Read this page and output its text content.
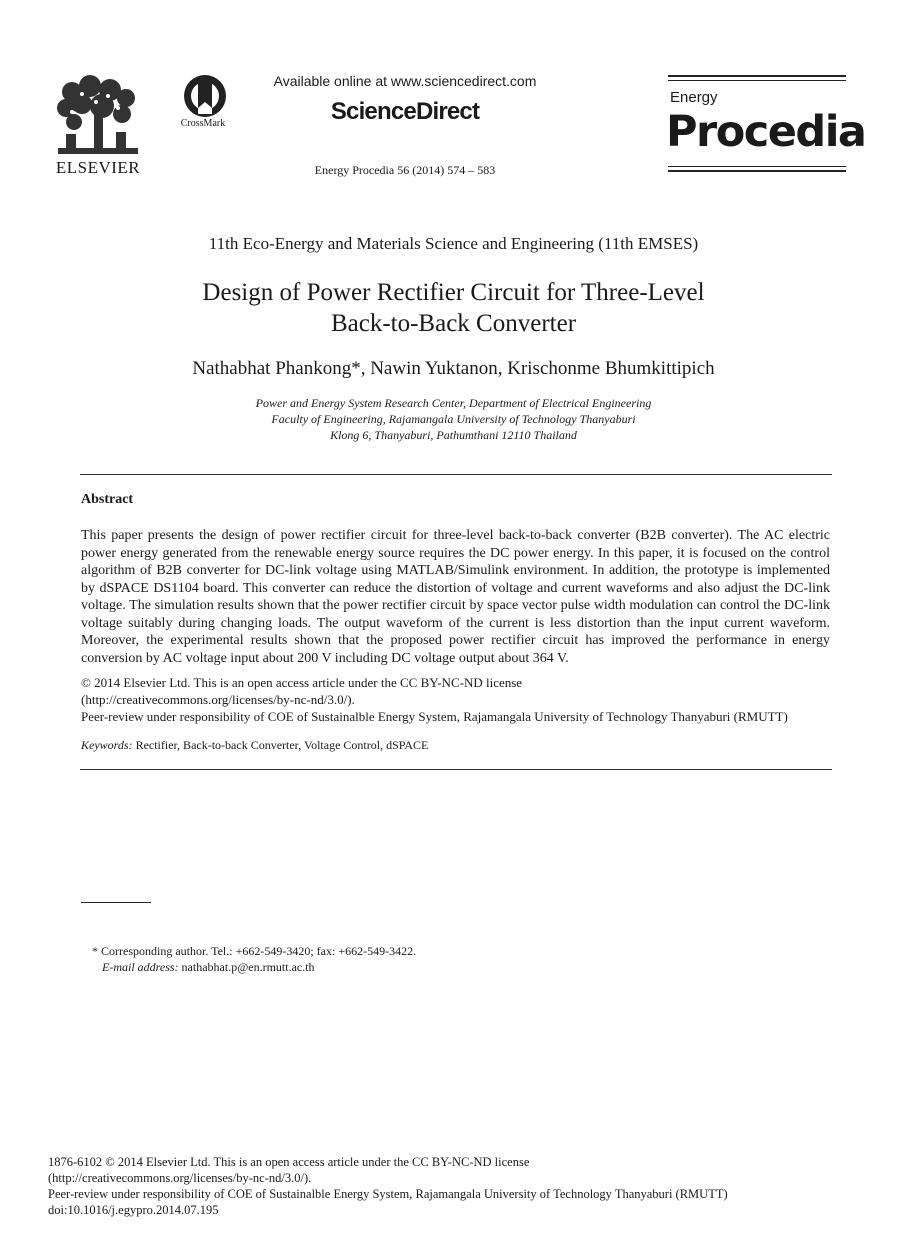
ELSEVIER
CrossMark
Available online at www.sciencedirect.com
ScienceDirect
Energy Procedia 56 (2014) 574 – 583
Energy
Procedia
11th Eco-Energy and Materials Science and Engineering (11th EMSES)
Design of Power Rectifier Circuit for Three-Level
Back-to-Back Converter
Nathabhat Phankong*, Nawin Yuktanon, Krischonme Bhumkittipich
Power and Energy System Research Center, Department of Electrical Engineering
Faculty of Engineering, Rajamangala University of Technology Thanyaburi
Klong 6, Thanyaburi, Pathumthani 12110 Thailand
Abstract
This paper presents the design of power rectifier circuit for three-level back-to-back converter (B2B converter). The AC electric power energy generated from the renewable energy source requires the DC power energy. In this paper, it is focused on the control algorithm of B2B converter for DC-link voltage using MATLAB/Simulink environment. In addition, the prototype is implemented by dSPACE DS1104 board. This converter can reduce the distortion of voltage and current waveforms and also adjust the DC-link voltage. The simulation results shown that the power rectifier circuit by space vector pulse width modulation can control the DC-link voltage suitably during changing loads. The output waveform of the current is less distortion than the input current waveform. Moreover, the experimental results shown that the proposed power rectifier circuit has improved the performance in energy conversion by AC voltage input about 200 V including DC voltage output about 364 V.
© 2014 Elsevier Ltd. This is an open access article under the CC BY-NC-ND license
(http://creativecommons.org/licenses/by-nc-nd/3.0/).
Peer-review under responsibility of COE of Sustainalble Energy System, Rajamangala University of Technology Thanyaburi (RMUTT)
Keywords: Rectifier, Back-to-back Converter, Voltage Control, dSPACE
* Corresponding author. Tel.: +662-549-3420; fax: +662-549-3422.
E-mail address: nathabhat.p@en.rmutt.ac.th
1876-6102 © 2014 Elsevier Ltd. This is an open access article under the CC BY-NC-ND license
(http://creativecommons.org/licenses/by-nc-nd/3.0/).
Peer-review under responsibility of COE of Sustainalble Energy System, Rajamangala University of Technology Thanyaburi (RMUTT)
doi:10.1016/j.egypro.2014.07.195
